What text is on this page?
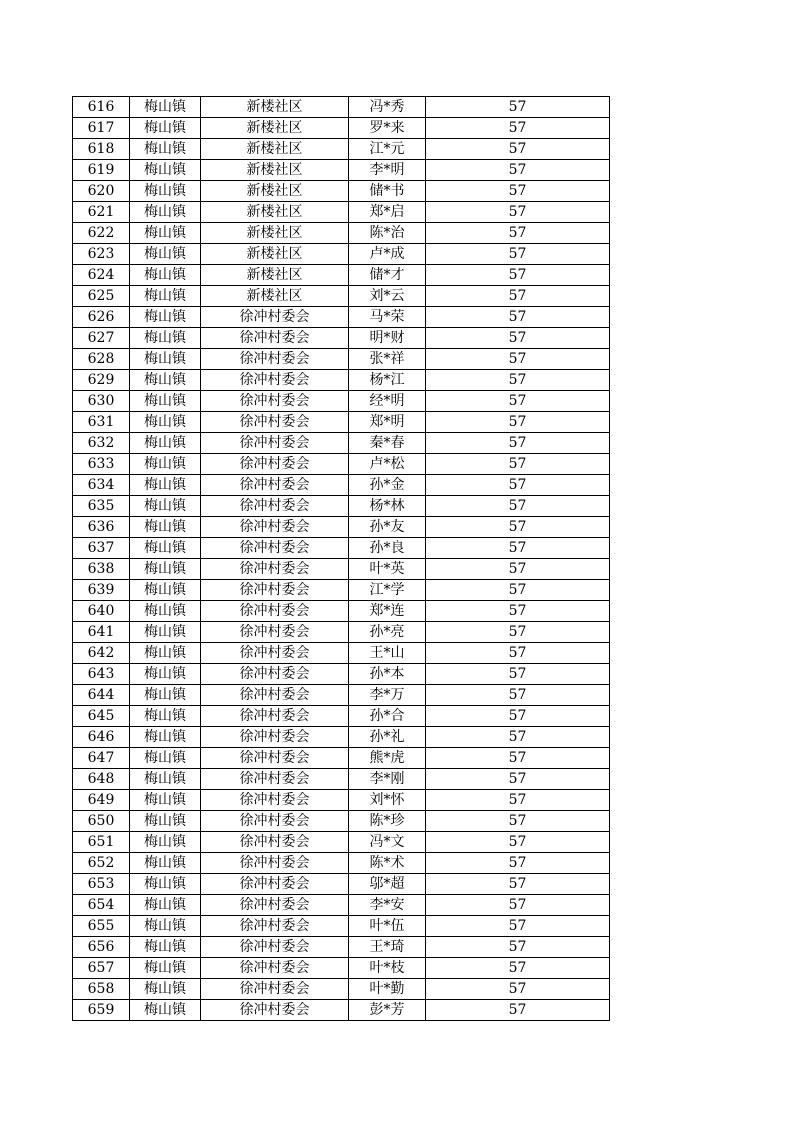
616	梅山镇	新楼社区	冯*秀	57
617	梅山镇	新楼社区	罗*来	57
618	梅山镇	新楼社区	江*元	57
619	梅山镇	新楼社区	李*明	57
620	梅山镇	新楼社区	储*书	57
621	梅山镇	新楼社区	郑*启	57
622	梅山镇	新楼社区	陈*治	57
623	梅山镇	新楼社区	卢*成	57
624	梅山镇	新楼社区	储*才	57
625	梅山镇	新楼社区	刘*云	57
626	梅山镇	徐冲村委会	马*荣	57
627	梅山镇	徐冲村委会	明*财	57
628	梅山镇	徐冲村委会	张*祥	57
629	梅山镇	徐冲村委会	杨*江	57
630	梅山镇	徐冲村委会	经*明	57
631	梅山镇	徐冲村委会	郑*明	57
632	梅山镇	徐冲村委会	秦*春	57
633	梅山镇	徐冲村委会	卢*松	57
634	梅山镇	徐冲村委会	孙*金	57
635	梅山镇	徐冲村委会	杨*林	57
636	梅山镇	徐冲村委会	孙*友	57
637	梅山镇	徐冲村委会	孙*良	57
638	梅山镇	徐冲村委会	叶*英	57
639	梅山镇	徐冲村委会	江*学	57
640	梅山镇	徐冲村委会	郑*连	57
641	梅山镇	徐冲村委会	孙*亮	57
642	梅山镇	徐冲村委会	王*山	57
643	梅山镇	徐冲村委会	孙*本	57
644	梅山镇	徐冲村委会	李*万	57
645	梅山镇	徐冲村委会	孙*合	57
646	梅山镇	徐冲村委会	孙*礼	57
647	梅山镇	徐冲村委会	熊*虎	57
648	梅山镇	徐冲村委会	李*刚	57
649	梅山镇	徐冲村委会	刘*怀	57
650	梅山镇	徐冲村委会	陈*珍	57
651	梅山镇	徐冲村委会	冯*文	57
652	梅山镇	徐冲村委会	陈*术	57
653	梅山镇	徐冲村委会	邬*超	57
654	梅山镇	徐冲村委会	李*安	57
655	梅山镇	徐冲村委会	叶*伍	57
656	梅山镇	徐冲村委会	王*琦	57
657	梅山镇	徐冲村委会	叶*枝	57
658	梅山镇	徐冲村委会	叶*勤	57
659	梅山镇	徐冲村委会	彭*芳	57
